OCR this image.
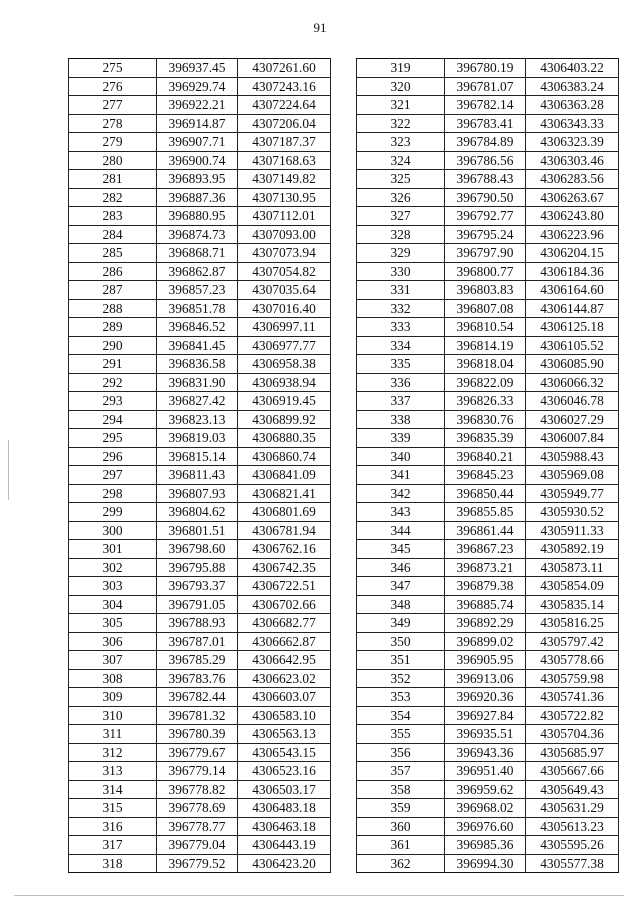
91
275	396937.45	4307261.60
276	396929.74	4307243.16
277	396922.21	4307224.64
278	396914.87	4307206.04
279	396907.71	4307187.37
280	396900.74	4307168.63
281	396893.95	4307149.82
282	396887.36	4307130.95
283	396880.95	4307112.01
284	396874.73	4307093.00
285	396868.71	4307073.94
286	396862.87	4307054.82
287	396857.23	4307035.64
288	396851.78	4307016.40
289	396846.52	4306997.11
290	396841.45	4306977.77
291	396836.58	4306958.38
292	396831.90	4306938.94
293	396827.42	4306919.45
294	396823.13	4306899.92
295	396819.03	4306880.35
296	396815.14	4306860.74
297	396811.43	4306841.09
298	396807.93	4306821.41
299	396804.62	4306801.69
300	396801.51	4306781.94
301	396798.60	4306762.16
302	396795.88	4306742.35
303	396793.37	4306722.51
304	396791.05	4306702.66
305	396788.93	4306682.77
306	396787.01	4306662.87
307	396785.29	4306642.95
308	396783.76	4306623.02
309	396782.44	4306603.07
310	396781.32	4306583.10
311	396780.39	4306563.13
312	396779.67	4306543.15
313	396779.14	4306523.16
314	396778.82	4306503.17
315	396778.69	4306483.18
316	396778.77	4306463.18
317	396779.04	4306443.19
318	396779.52	4306423.20
319	396780.19	4306403.22
320	396781.07	4306383.24
321	396782.14	4306363.28
322	396783.41	4306343.33
323	396784.89	4306323.39
324	396786.56	4306303.46
325	396788.43	4306283.56
326	396790.50	4306263.67
327	396792.77	4306243.80
328	396795.24	4306223.96
329	396797.90	4306204.15
330	396800.77	4306184.36
331	396803.83	4306164.60
332	396807.08	4306144.87
333	396810.54	4306125.18
334	396814.19	4306105.52
335	396818.04	4306085.90
336	396822.09	4306066.32
337	396826.33	4306046.78
338	396830.76	4306027.29
339	396835.39	4306007.84
340	396840.21	4305988.43
341	396845.23	4305969.08
342	396850.44	4305949.77
343	396855.85	4305930.52
344	396861.44	4305911.33
345	396867.23	4305892.19
346	396873.21	4305873.11
347	396879.38	4305854.09
348	396885.74	4305835.14
349	396892.29	4305816.25
350	396899.02	4305797.42
351	396905.95	4305778.66
352	396913.06	4305759.98
353	396920.36	4305741.36
354	396927.84	4305722.82
355	396935.51	4305704.36
356	396943.36	4305685.97
357	396951.40	4305667.66
358	396959.62	4305649.43
359	396968.02	4305631.29
360	396976.60	4305613.23
361	396985.36	4305595.26
362	396994.30	4305577.38
